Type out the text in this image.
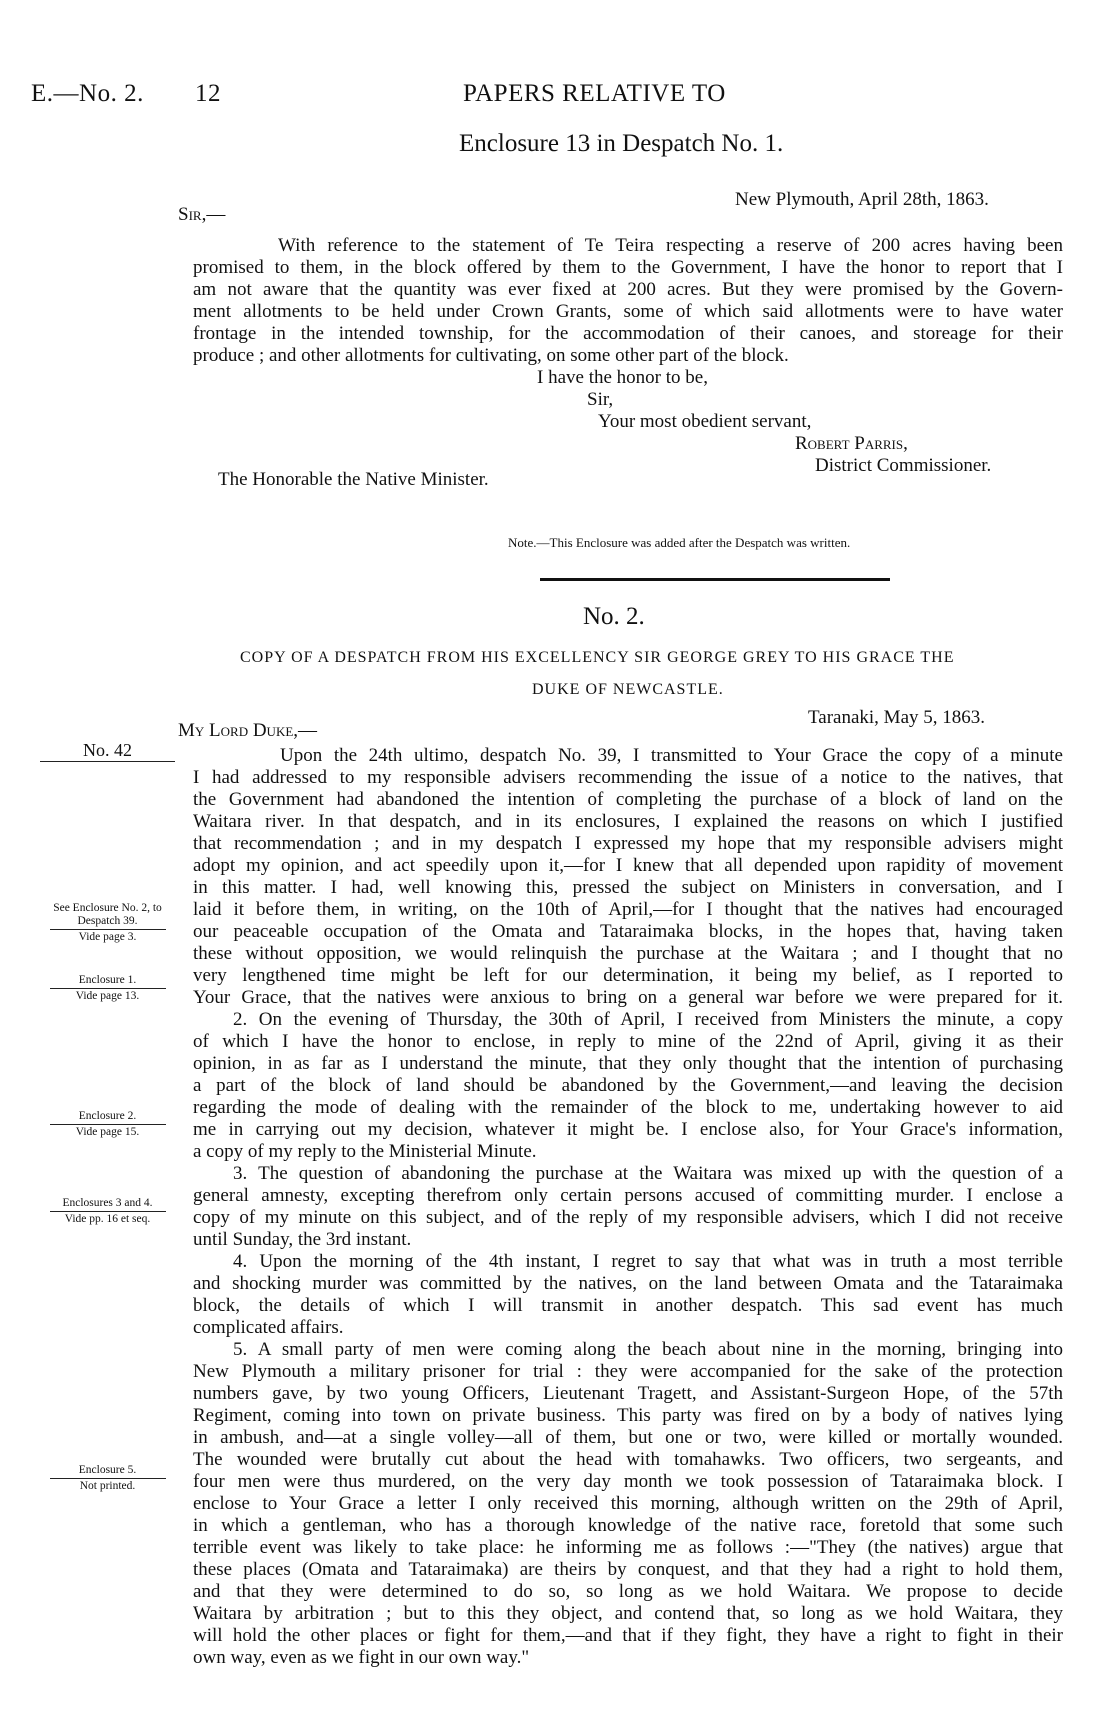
E.—No. 2. 12	PAPERS RELATIVE TO
Enclosure 13 in Despatch No. 1.
New Plymouth, April 28th, 1863.
Sir,—
With reference to the statement of Te Teira respecting a reserve of 200 acres having been
promised to them, in the block offered by them to the Government, I have the honor to report that I
am not aware that the quantity was ever fixed at 200 acres. But they were promised by the Govern-
ment allotments to be held under Crown Grants, some of which said allotments were to have water
frontage in the intended township, for the accommodation of their canoes, and storeage for their
produce ; and other allotments for cultivating, on some other part of the block.
I have the honor to be,
Sir,
Your most obedient servant,
Robert Parris,
District Commissioner.
The Honorable the Native Minister.
Note.—This Enclosure was added after the Despatch was written.
No. 2.
COPY OF A DESPATCH FROM HIS EXCELLENCY SIR GEORGE GREY TO HIS GRACE THE
DUKE OF NEWCASTLE.
Taranaki, May 5, 1863.
My Lord Duke,—
Upon the 24th ultimo, despatch No. 39, I transmitted to Your Grace the copy of a minute
I had addressed to my responsible advisers recommending the issue of a notice to the natives, that
the Government had abandoned the intention of completing the purchase of a block of land on the
Waitara river. In that despatch, and in its enclosures, I explained the reasons on which I justified
that recommendation ; and in my despatch I expressed my hope that my responsible advisers might
adopt my opinion, and act speedily upon it,—for I knew that all depended upon rapidity of movement
in this matter. I had, well knowing this, pressed the subject on Ministers in conversation, and I
laid it before them, in writing, on the 10th of April,—for I thought that the natives had encouraged
our peaceable occupation of the Omata and Tataraimaka blocks, in the hopes that, having taken
these without opposition, we would relinquish the purchase at the Waitara ; and I thought that no
very lengthened time might be left for our determination, it being my belief, as I reported to
Your Grace, that the natives were anxious to bring on a general war before we were prepared for it.
2. On the evening of Thursday, the 30th of April, I received from Ministers the minute, a copy
of which I have the honor to enclose, in reply to mine of the 22nd of April, giving it as their
opinion, in as far as I understand the minute, that they only thought that the intention of purchasing
a part of the block of land should be abandoned by the Government,—and leaving the decision
regarding the mode of dealing with the remainder of the block to me, undertaking however to aid
me in carrying out my decision, whatever it might be. I enclose also, for Your Grace's information,
a copy of my reply to the Ministerial Minute.
3. The question of abandoning the purchase at the Waitara was mixed up with the question of a
general amnesty, excepting therefrom only certain persons accused of committing murder. I enclose a
copy of my minute on this subject, and of the reply of my responsible advisers, which I did not receive
until Sunday, the 3rd instant.
4. Upon the morning of the 4th instant, I regret to say that what was in truth a most terrible
and shocking murder was committed by the natives, on the land between Omata and the Tataraimaka
block, the details of which I will transmit in another despatch. This sad event has much
complicated affairs.
5. A small party of men were coming along the beach about nine in the morning, bringing into
New Plymouth a military prisoner for trial : they were accompanied for the sake of the protection
numbers gave, by two young Officers, Lieutenant Tragett, and Assistant-Surgeon Hope, of the 57th
Regiment, coming into town on private business. This party was fired on by a body of natives lying
in ambush, and—at a single volley—all of them, but one or two, were killed or mortally wounded.
The wounded were brutally cut about the head with tomahawks. Two officers, two sergeants, and
four men were thus murdered, on the very day month we took possession of Tataraimaka block. I
enclose to Your Grace a letter I only received this morning, although written on the 29th of April,
in which a gentleman, who has a thorough knowledge of the native race, foretold that some such
terrible event was likely to take place: he informing me as follows :—"They (the natives) argue that
these places (Omata and Tataraimaka) are theirs by conquest, and that they had a right to hold them,
and that they were determined to do so, so long as we hold Waitara. We propose to decide
Waitara by arbitration ; but to this they object, and contend that, so long as we hold Waitara, they
will hold the other places or fight for them,—and that if they fight, they have a right to fight in their
own way, even as we fight in our own way."
No. 42
See Enclosure No. 2, to
Despatch 39.
Vide page 3.
Enclosure 1.
Vide page 13.
Enclosure 2.
Vide page 15.
Enclosures 3 and 4.
Vide pp. 16 et seq.
Enclosure 5.
Not printed.
